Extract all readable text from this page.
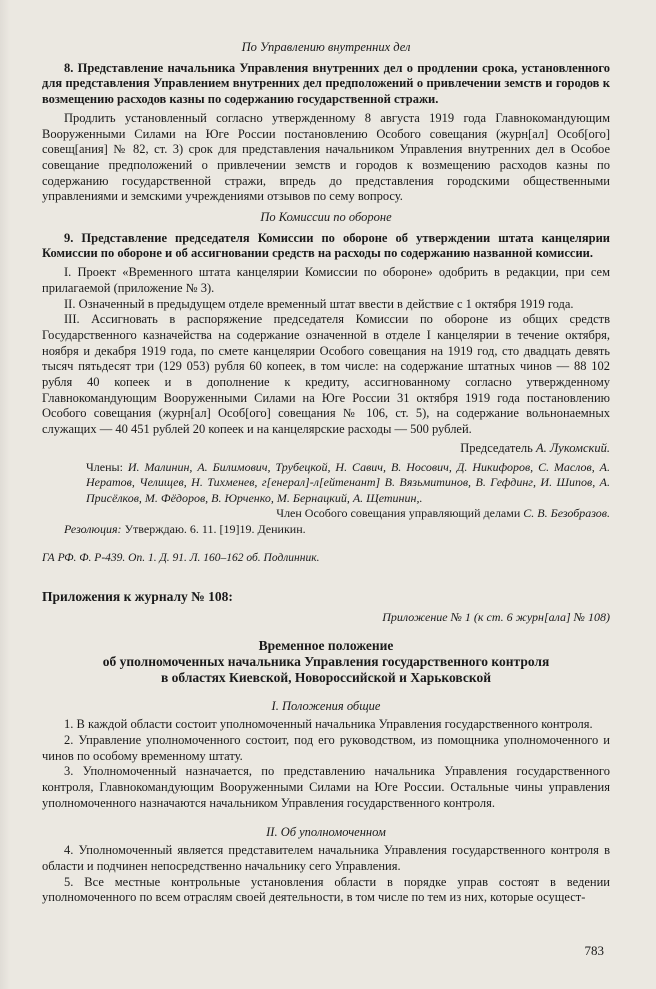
По Управлению внутренних дел
8. Представление начальника Управления внутренних дел о продлении срока, установленного для представления Управлением внутренних дел предположений о привлечении земств и городов к возмещению расходов казны по содержанию государственной стражи.

Продлить установленный согласно утвержденному 8 августа 1919 года Главнокомандующим Вооруженными Силами на Юге России постановлению Особого совещания (журн[ал] Особ[ого] совещ[ания] № 82, ст. 3) срок для представления начальником Управления внутренних дел в Особое совещание предположений о привлечении земств и городов к возмещению расходов казны по содержанию государственной стражи, впредь до представления городскими общественными управлениями и земскими учреждениями отзывов по сему вопросу.

По Комиссии по обороне
9. Представление председателя Комиссии по обороне об утверждении штата канцелярии Комиссии по обороне и об ассигновании средств на расходы по содержанию названной комиссии.

I. Проект «Временного штата канцелярии Комиссии по обороне» одобрить в редакции, при сем прилагаемой (приложение № 3).

II. Означенный в предыдущем отделе временный штат ввести в действие с 1 октября 1919 года.

III. Ассигновать в распоряжение председателя Комиссии по обороне из общих средств Государственного казначейства на содержание означенной в отделе I канцелярии в течение октября, ноября и декабря 1919 года, по смете канцелярии Особого совещания на 1919 год, сто двадцать девять тысяч пятьдесят три (129 053) рубля 60 копеек, в том числе: на содержание штатных чинов — 88 102 рубля 40 копеек и в дополнение к кредиту, ассигнованному согласно утвержденному Главнокомандующим Вооруженными Силами на Юге России 31 октября 1919 года постановлению Особого совещания (журн[ал] Особ[ого] совещания № 106, ст. 5), на содержание вольнонаемных служащих — 40 451 рублей 20 копеек и на канцелярские расходы — 500 рублей.

Председатель А. Лукомский.

Члены: И. Малинин, А. Билимович, Трубецкой, Н. Савич, В. Носович, Д. Никифоров, С. Маслов, А. Нератов, Челищев, Н. Тихменев, г[енерал]-л[ейтенант] В. Вязьмитинов, В. Гефдинг, И. Шипов, А. Присёлков, М. Фёдоров, В. Юрченко, М. Бернацкий, А. Щетинин,.

Член Особого совещания управляющий делами С. В. Безобразов.

Резолюция: Утверждаю. 6. 11. [19]19. Деникин.

ГА РФ. Ф. Р-439. Оп. 1. Д. 91. Л. 160–162 об. Подлинник.

Приложения к журналу № 108:

Приложение № 1 (к ст. 6 журн[ала] № 108)

Временное положение
об уполномоченных начальника Управления государственного контроля
в областях Киевской, Новороссийской и Харьковской
I. Положения общие

1. В каждой области состоит уполномоченный начальника Управления государственного контроля.

2. Управление уполномоченного состоит, под его руководством, из помощника уполномоченного и чинов по особому временному штату.

3. Уполномоченный назначается, по представлению начальника Управления государственного контроля, Главнокомандующим Вооруженными Силами на Юге России. Остальные чины управления уполномоченного назначаются начальником Управления государственного контроля.

II. Об уполномоченном

4. Уполномоченный является представителем начальника Управления государственного контроля в области и подчинен непосредственно начальнику сего Управления.

5. Все местные контрольные установления области в порядке управ состоят в ведении уполномоченного по всем отраслям своей деятельности, в том числе по тем из них, которые осущест-

783
